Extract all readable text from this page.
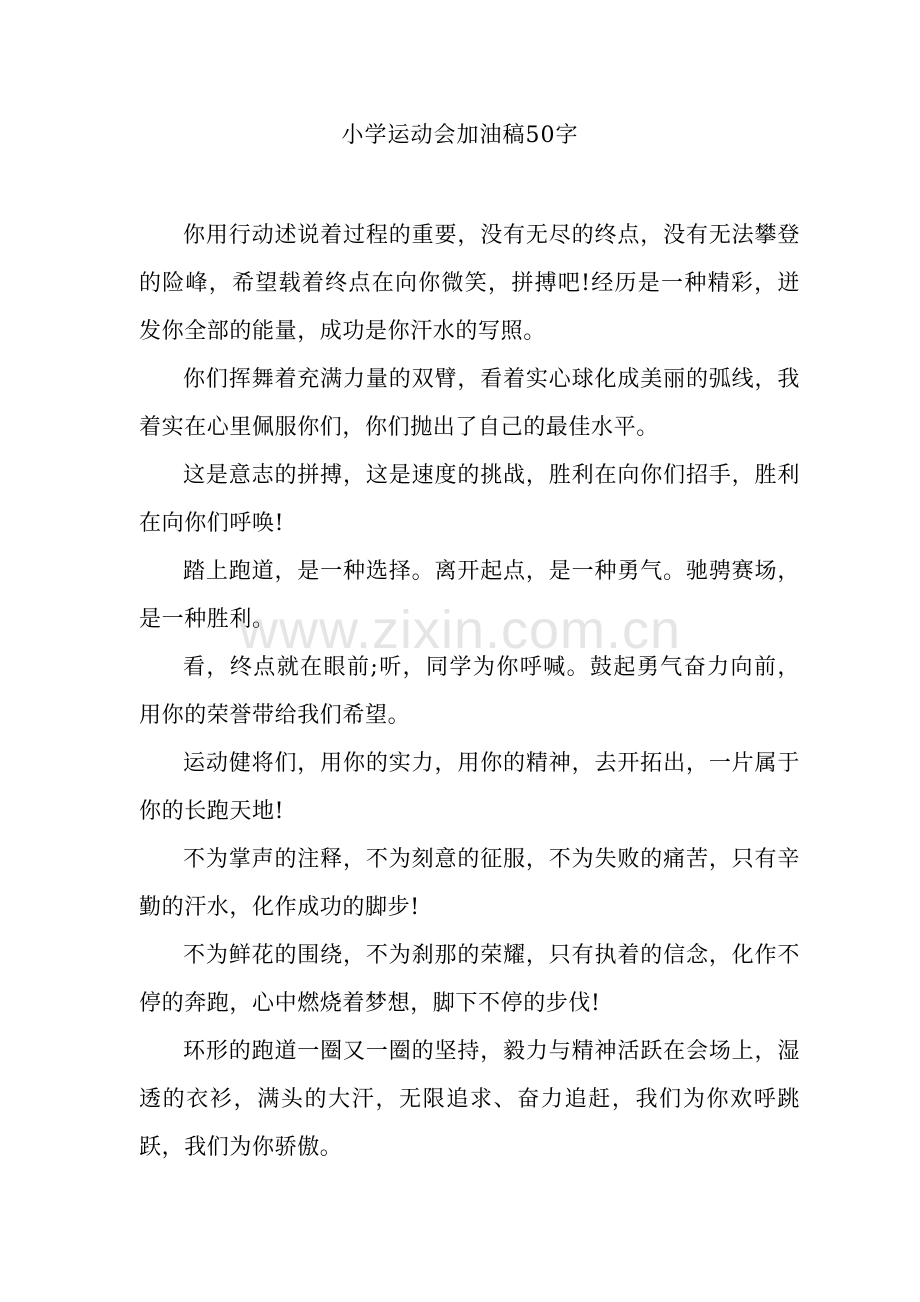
小学运动会加油稿50字

你用行动述说着过程的重要，没有无尽的终点，没有无法攀登的险峰，希望载着终点在向你微笑，拼搏吧!经历是一种精彩，迸发你全部的能量，成功是你汗水的写照。

你们挥舞着充满力量的双臂，看着实心球化成美丽的弧线，我着实在心里佩服你们，你们抛出了自己的最佳水平。

这是意志的拼搏，这是速度的挑战，胜利在向你们招手，胜利在向你们呼唤!

踏上跑道，是一种选择。离开起点，是一种勇气。驰骋赛场，是一种胜利。

看，终点就在眼前;听，同学为你呼喊。鼓起勇气奋力向前，用你的荣誉带给我们希望。

运动健将们，用你的实力，用你的精神，去开拓出，一片属于你的长跑天地!

不为掌声的注释，不为刻意的征服，不为失败的痛苦，只有辛勤的汗水，化作成功的脚步!

不为鲜花的围绕，不为刹那的荣耀，只有执着的信念，化作不停的奔跑，心中燃烧着梦想，脚下不停的步伐!

环形的跑道一圈又一圈的坚持，毅力与精神活跃在会场上，湿透的衣衫，满头的大汗，无限追求、奋力追赶，我们为你欢呼跳跃，我们为你骄傲。

www.zixin.com.cn
